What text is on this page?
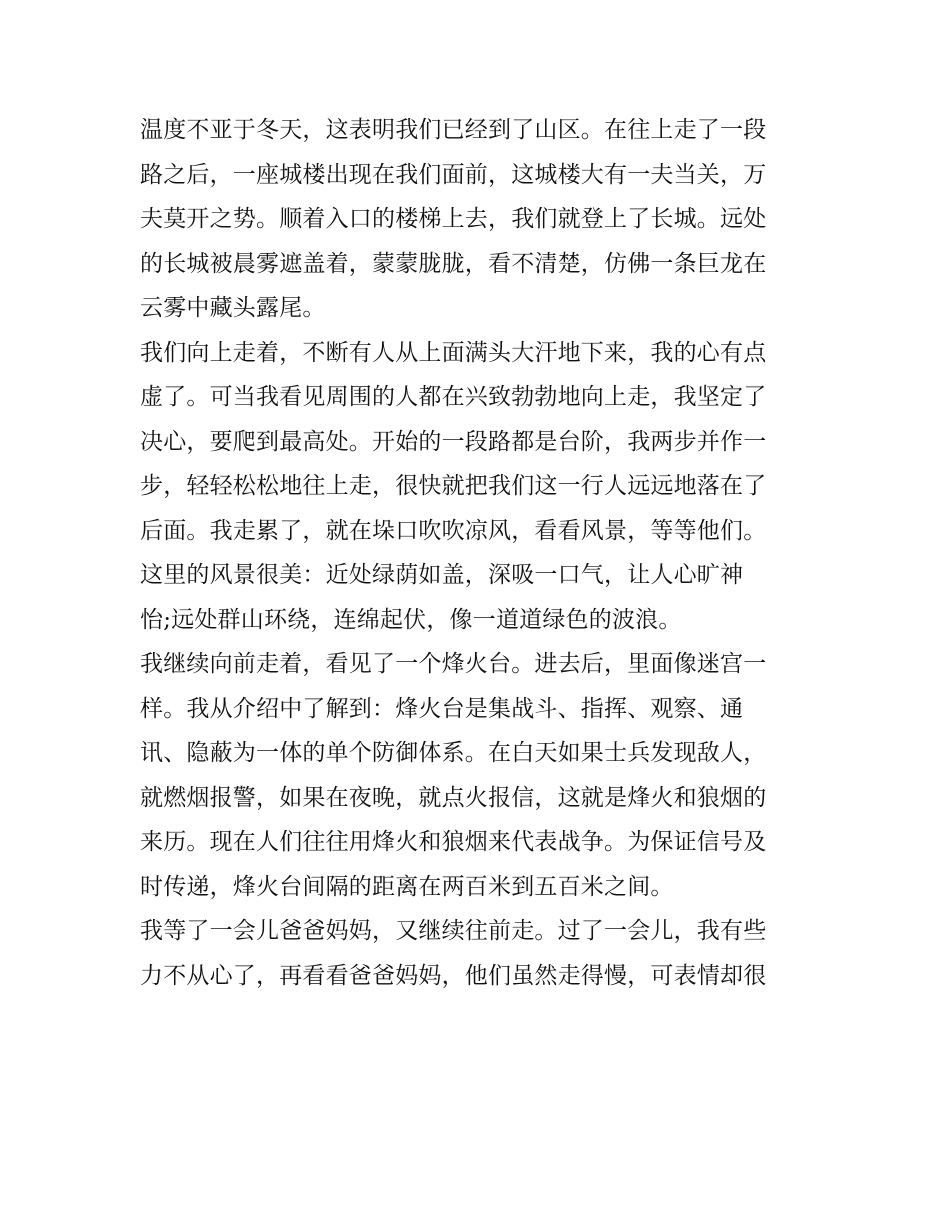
温度不亚于冬天，这表明我们已经到了山区。在往上走了一段
路之后，一座城楼出现在我们面前，这城楼大有一夫当关，万
夫莫开之势。顺着入口的楼梯上去，我们就登上了长城。远处
的长城被晨雾遮盖着，蒙蒙胧胧，看不清楚，仿佛一条巨龙在
云雾中藏头露尾。
我们向上走着，不断有人从上面满头大汗地下来，我的心有点
虚了。可当我看见周围的人都在兴致勃勃地向上走，我坚定了
决心，要爬到最高处。开始的一段路都是台阶，我两步并作一
步，轻轻松松地往上走，很快就把我们这一行人远远地落在了
后面。我走累了，就在垛口吹吹凉风，看看风景，等等他们。
这里的风景很美：近处绿荫如盖，深吸一口气，让人心旷神
怡;远处群山环绕，连绵起伏，像一道道绿色的波浪。
我继续向前走着，看见了一个烽火台。进去后，里面像迷宫一
样。我从介绍中了解到：烽火台是集战斗、指挥、观察、通
讯、隐蔽为一体的单个防御体系。在白天如果士兵发现敌人，
就燃烟报警，如果在夜晚，就点火报信，这就是烽火和狼烟的
来历。现在人们往往用烽火和狼烟来代表战争。为保证信号及
时传递，烽火台间隔的距离在两百米到五百米之间。
我等了一会儿爸爸妈妈，又继续往前走。过了一会儿，我有些
力不从心了，再看看爸爸妈妈，他们虽然走得慢，可表情却很
